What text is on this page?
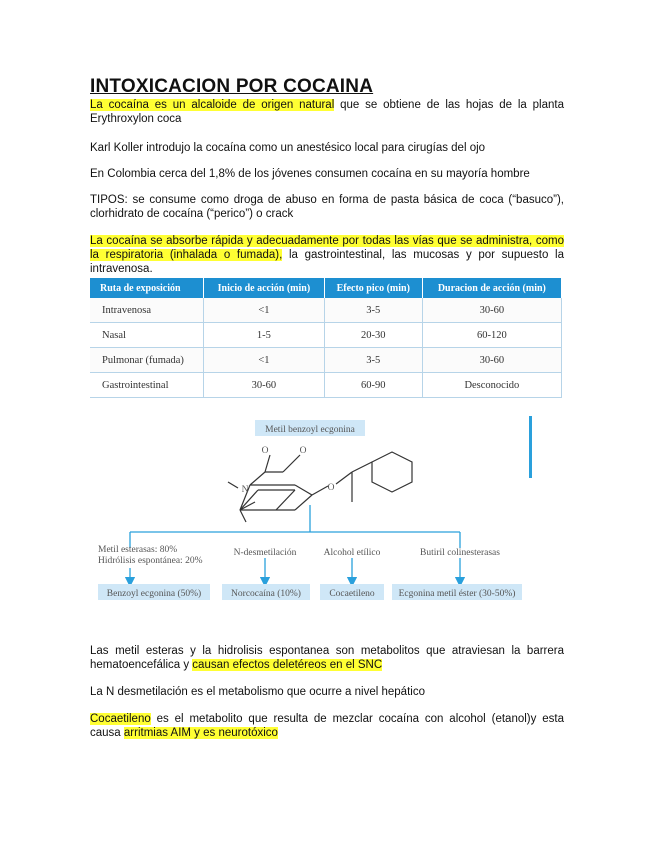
INTOXICACION POR COCAINA
La cocaína es un alcaloide de origen natural que se obtiene de las hojas de la planta Erythroxylon coca
Karl Koller introdujo la cocaína como un anestésico local para cirugías del ojo
En Colombia cerca del 1,8% de los jóvenes consumen cocaína en su mayoría hombre
TIPOS: se consume como droga de abuso en forma de pasta básica de coca (“basuco”), clorhidrato de cocaína (“perico”) o crack
La cocaína se absorbe rápida y adecuadamente por todas las vías que se administra, como la respiratoria (inhalada o fumada), la gastrointestinal, las mucosas y por supuesto la intravenosa.
Ruta de exposición	Inicio de acción (min)	Efecto pico (min)	Duracion de acción (min)
Intravenosa	<1	3-5	30-60
Nasal	1-5	20-30	60-120
Pulmonar (fumada)	<1	3-5	30-60
Gastrointestinal	30-60	60-90	Desconocido
Metil benzoyl ecgonina
O	O
O
N
Metil esterasas: 80%
Hidrólisis espontánea: 20%
N-desmetilación	Alcohol etílico	Butiril colinesterasas
Benzoyl ecgonina (50%)	Norcocaína (10%)	Cocaetileno	Ecgonina metil éster (30-50%)
Las metil esteras y la hidrolisis espontanea son metabolitos que atraviesan la barrera hematoencefálica y causan efectos deletéreos en el SNC
La N desmetilación es el metabolismo que ocurre a nivel hepático
Cocaetileno es el metabolito que resulta de mezclar cocaína con alcohol (etanol)y esta causa arritmias AIM y es neurotóxico
